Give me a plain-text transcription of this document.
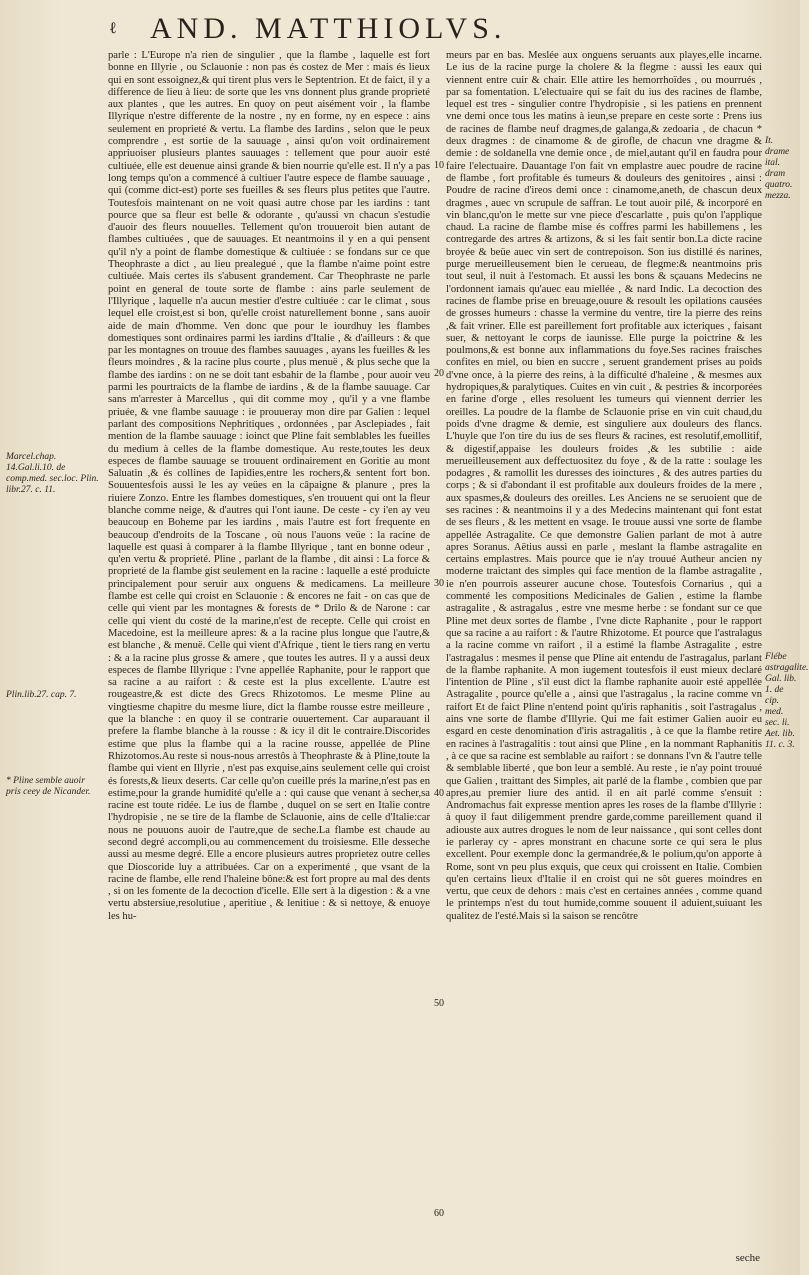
ℓ AND. MATTHIOLVS.

parle : L'Europe n'a rien de singulier , que la flambe , laquelle est fort bonne en Illyrie , ou Sclauonie : non pas és costez de Mer : mais és lieux qui en sont essoignez,& qui tirent plus vers le Septentrion. Et de faict, il y a difference de lieu à lieu: de sorte que les vns donnent plus grande proprieté aux plantes , que les autres. En quoy on peut aisément voir , la flambe Illyrique n'estre differente de la nostre , ny en forme, ny en espece : ains seulement en proprieté & vertu. La flambe des Iardins , selon que le peux comprendre , est sortie de la sauuage , ainsi qu'on voit ordinairement appriuoiser plusieurs plantes sauuages : tellement que pour auoir esté cultiuée, elle est deuenue ainsi grande & bien nourrie qu'elle est. Il n'y a pas long temps qu'on a commencé à cultiuer l'autre espece de flambe sauuage , qui (comme dict-est) porte ses fueilles & ses fleurs plus petites que l'autre. Toutesfois maintenant on ne voit quasi autre chose par les iardins : tant pource que sa fleur est belle & odorante , qu'aussi vn chacun s'estudie d'auoir des fleurs nouuelles. Tellement qu'on trouueroit bien autant de flambes cultiuées , que de sauuages. Et neantmoins il y en a qui pensent qu'il n'y a point de flambe domestique & cultiuée : se fondans sur ce que Theophraste a dict , au lieu prealegué , que la flambe n'aime point estre cultiuée. Mais certes ils s'abusent grandement. Car Theophraste ne parle point en general de toute sorte de flambe : ains parle seulement de l'Illyrique , laquelle n'a aucun mestier d'estre cultiuée : car le climat , sous lequel elle croist,est si bon, qu'elle croist naturellement bonne , sans auoir aide de main d'homme. Ven donc que pour le iourdhuy les flambes domestiques sont ordinaires parmi les iardins d'Italie , & d'ailleurs : & que par les montagnes on trouue des flambes sauuages , ayans les fueilles & les fleurs moindres , & la racine plus courte , plus menuë , & plus seche que la flambe des iardins : on ne se doit tant esbahir de la flambe , pour auoir veu parmi les pourtraicts de la flambe de iardins , & de la flambe sauuage. Car sans m'arrester à Marcellus , qui dit comme moy , qu'il y a vne flambe priuée, & vne flambe sauuage : ie prouueray mon dire par Galien : lequel parlant des compositions Nephritiques , ordonnées , par Asclepiades , fait mention de la flambe sauuage : ioinct que Pline fait semblables les fueilles du medium à celles de la flambe domestique. Au reste,toutes les deux especes de flambe sauuage se trouuent ordinairement en Goritie au mont Saluatin ,& és collines de Iapidies,entre les rochers,& sentent fort bon. Souuentesfois aussi le les ay veües en la câpaigne & planure , pres la riuiere Zonzo. Entre les flambes domestiques, s'en trouuent qui ont la fleur blanche comme neige, & d'autres qui l'ont iaune. De ceste - cy i'en ay veu beaucoup en Boheme par les iardins , mais l'autre est fort frequente en beaucoup d'endroits de la Toscane , où nous l'auons veüe : la racine de laquelle est quasi à comparer à la flambe Illyrique , tant en bonne odeur , qu'en vertu & proprieté. Pline , parlant de la flambe , dit ainsi : La force & proprieté de la flambe gist seulement en la racine : laquelle a esté produicte principalement pour seruir aux onguens & medicamens. La meilleure flambe est celle qui croist en Sclauonie : & encores ne fait - on cas que de celle qui vient par les montagnes & forests de * Drilo & de Narone : car celle qui vient du costé de la marine,n'est de receptе. Celle qui croist en Macedoine, est la meilleure apres: & a la racine plus longue que l'autre,& est blanche , & menuë. Celle qui vient d'Afrique , tient le tiers rang en vertu : & a la racine plus grosse & amere , que toutes les autres. Il y a aussi deux especes de flambe Illyrique : l'vne appellée Raphanite, pour le rapport que sa racine a au raifort : & ceste est la plus excellente. L'autre est rougeastre,& est dicte des Grecs Rhizotomos. Le mesme Pline au vingtiesme chapitre du mesme liure, dict la flambe rousse estre meilleure , que la blanche : en quoy il se contrarie ouuertement. Car auparauant il prefere la flambe blanche à la rousse : & icy il dit le contraire.Discorides estime que plus la flambe qui a la racine rousse, appellée de Pline Rhizotomos.Au reste si nous-nous arrestôs à Theophraste & à Pline,toute la flambe qui vient en Illyrie , n'est pas exquise,ains seulement celle qui croist és forests,& lieux deserts. Car celle qu'on cueille prés la marine,n'est pas en estime,pour la grande humidité qu'elle a : qui cause que venant à secher,sa racine est toute ridée. Le ius de flambe , duquel on se sert en Italie contre l'hydropisie , ne se tire de la flambe de Sclauonie, ains de celle d'Italie:car nous ne pouuons auoir de l'autre,que de seche.La flambe est chaude au second degré accompli,ou au commencement du troisiesme. Elle desseche aussi au mesme degré. Elle a encore plusieurs autres proprietez outre celles que Dioscoride luy a attribuées. Car on a experimenté , que vsant de la racine de flambe, elle rend l'haleine bône:& est fort propre au mal des dents , si on les fomente de la decoction d'icelle. Elle sert à la digestion : & a vne vertu abstersiue,resolutiue , aperitiue , & lenitiue : & si nettoye, & enuoye les hu-

10
20
30
40
50
60

meurs par en bas. Meslée aux onguens seruants aux playes,elle incarne. Le ius de la racine purge la cholere & la flegme : aussi les eaux qui viennent entre cuir & chair. Elle attire les hemorrhoïdes , ou mourrués , par sa fomentation. L'electuaire qui se fait du ius des racines de flambe, lequel est tres - singulier contre l'hydropisie , si les patiens en prennent vne demi once tous les matins à ieun,se prepare en ceste sorte : Prens ius de racines de flambe neuf dragmes,de galanga,& zedoaria , de chacun * deux dragmes : de cinamome & de girofle, de chacun vne dragme & demie : de soldanella vne demie once , de miel,autant qu'il en faudra pour faire l'electuaire. Dauantage l'on fait vn emplastre auec poudre de racine de flambe , fort profitable és tumeurs & douleurs des genitoires , ainsi : Poudre de racine d'ireos demi once : cinamome,aneth, de chascun deux dragmes , auec vn scrupule de saffran. Le tout auoir pilé, & incorporé en vin blanc,qu'on le mette sur vne piece d'escarlatte , puis qu'on l'applique chaud. La racine de flambe mise és coffres parmi les habillemens , les contregarde des artres & artizons, & si les fait sentir bon.La dicte racine broyée & beüe auec vin sert de contrepoison. Son ius distillé és narines, purge merueilleusement bien le cerueau, de flegme:& neantmoins pris tout seul, il nuit à l'estomach. Et aussi les bons & sçauans Medecins ne l'ordonnent iamais qu'auec eau miellée , & nard Indic. La decoction des racines de flambe prise en breuage,ouure & resoult les opilations causées de grosses humeurs : chasse la vermine du ventre, tire la pierre des reins ,& fait vriner. Elle est pareillement fort profitable aux icteriques , faisant suer, & nettoyant le corps de iaunisse. Elle purge la poictrine & les poulmons,& est bonne aux inflammations du foye.Ses racines fraisches confites en miel, ou bien en succre , seruent grandement prises au poids d'vne once, à la pierre des reins, à la difficulté d'haleine , & mesmes aux hydropiques,& paralytiques. Cuites en vin cuit , & pestries & incorporées en farine d'orge , elles resoluent les tumeurs qui viennent derrier les oreilles. La poudre de la flambe de Sclauonie prise en vin cuit chaud,du poids d'vne dragme & demie, est singuliere aux douleurs des flancs. L'huyle que l'on tire du ius de ses fleurs & racines, est resolutif,emollitif, & digestif,appaise les douleurs froides ,& les subtilie : aide merueilleusement aux deffectuositez du foye , & de la ratte : soulage les podagres , & ramollit les duresses des ioinctures , & des autres parties du corps ; & si d'abondant il est profitable aux douleurs froides de la mere , aux spasmes,& douleurs des oreilles. Les Anciens ne se seruoient que de ses racines : & neantmoins il y a des Medecins maintenant qui font estat de ses fleurs , & les mettent en vsage. Ie trouue aussi vne sorte de flambe appellée Astragalite. Ce que demonstre Galien parlant de mot à autre apres Soranus. Aëtius aussi en parle , meslant la flambe astragalite en certains emplastres. Mais pource que ie n'ay trouué Autheur ancien ny moderne traictant des simples qui face mention de la flambe astragalite , ie n'en pourrois asseurer aucune chose. Toutesfois Cornarius , qui a commenté les compositions Medicinales de Galien , estime la flambe astragalite , & astragalus , estre vne mesme herbe : se fondant sur ce que Pline met deux sortes de flambe , l'vne dicte Raphanite , pour le rapport que sa racine a au raifort : & l'autre Rhizotome. Et pource que l'astralagus a la racine comme vn raifort , il a estimé la flambe Astragalite , estre l'astragalus : mesmes il pense que Pline ait entendu de l'astragalus, parlant de la flambe raphanite. A mon iugement toutesfois il eust mieux declaré l'intention de Pline , s'il eust dict la flambe raphanite auoir esté appellée Astragalite , pource qu'elle a , ainsi que l'astragalus , la racine comme vn raifort Et de faict Pline n'entend point qu'iris raphanitis , soit l'astragalus , ains vne sorte de flambe d'Illyrie. Qui me fait estimer Galien auoir eu esgard en ceste denomination d'iris astragalitis , à ce que la flambe retire en racines à l'astragalitis : tout ainsi que Pline , en la nommant Raphanitis , à ce que sa racine est semblable au raifort : se donnans l'vn & l'autre telle & semblable liberté , que bon leur a semblé. Au reste , ie n'ay point trouué que Galien , traittant des Simples, ait parlé de la flambe , combien que par apres,au premier liure des antid. il en ait parlé comme s'ensuit : Andromachus fait expresse mention apres les roses de la flambe d'Illyrie : à quoy il faut diligemment prendre garde,comme pareillement quand il adiouste aux autres drogues le nom de leur naissance , qui sont celles dont ie parleray cy - apres monstrant en chacune sorte ce qui sera le plus excellent. Pour exemple donc la germandrée,& le polium,qu'on apporte à Rome, sont vn peu plus exquis, que ceux qui croissent en Italie. Combien qu'en certains lieux d'Italie il en croist qui ne sôt gueres moindres en vertu, que ceux de dehors : mais c'est en certaines années , comme quand le printemps n'est du tout humide,comme souuent il aduient,suiuant les qualitez de l'esté.Mais si la saison se rencôtre

Marcel.chap. 14.Gal.li.10. de comp.med. sec.loc. Plin. libr.27. c. 11.
Plin.lib.27. cap. 7.
* Pline semble auoir pris ceey de Nicander.
It. drame ital. dram quatro. mezza.
Flébe astragalite. Gal. lib. 1. de cip. med. sec. li. Aet. lib. 11. c. 3.
seche
